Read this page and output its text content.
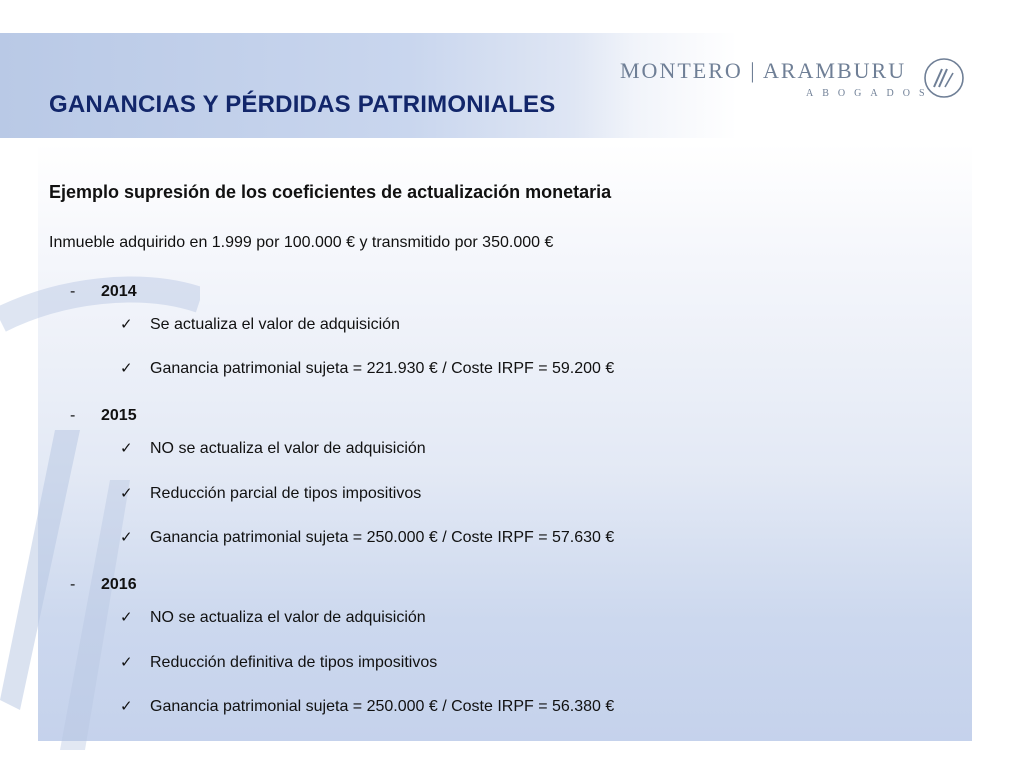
GANANCIAS Y PÉRDIDAS PATRIMONIALES
MONTERO | ARAMBURU
ABOGADOS
Ejemplo supresión de los coeficientes de actualización monetaria
Inmueble adquirido en 1.999 por 100.000 € y transmitido por 350.000 €
- 2014
✓ Se actualiza el valor de adquisición
✓ Ganancia patrimonial sujeta = 221.930 € / Coste IRPF = 59.200 €
- 2015
✓ NO se actualiza el valor de adquisición
✓ Reducción parcial de tipos impositivos
✓ Ganancia patrimonial sujeta = 250.000 € / Coste IRPF = 57.630 €
- 2016
✓ NO se actualiza el valor de adquisición
✓ Reducción definitiva de tipos impositivos
✓ Ganancia patrimonial sujeta = 250.000 € / Coste IRPF = 56.380 €
